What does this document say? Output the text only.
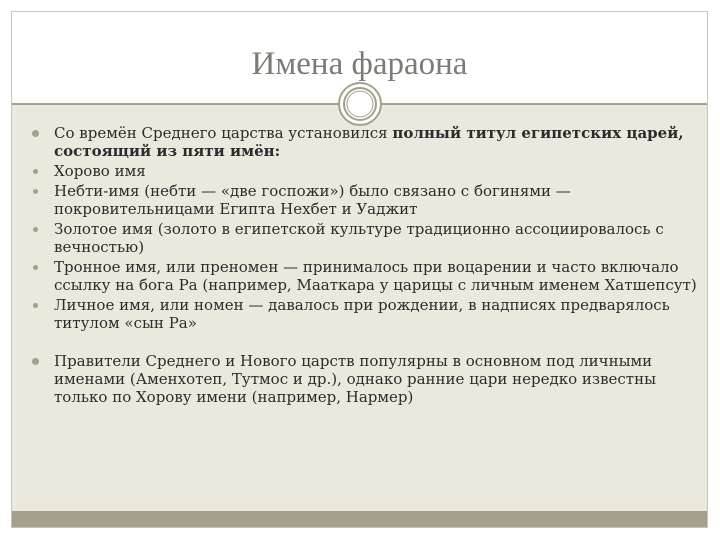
Имена фараона
Со времён Среднего царства установился полный титул египетских царей, состоящий из пяти имён:
Хорово имя
Небти-имя (небти — «две госпожи») было связано с богинями — покровительницами Египта Нехбет и Уаджит
Золотое имя (золото в египетской культуре традиционно ассоциировалось с вечностью)
Тронное имя, или преномен — принималось при воцарении и часто включало ссылку на бога Ра (например, Мааткара у царицы с личным именем Хатшепсут)
Личное имя, или номен — давалось при рождении, в надписях предварялось титулом «сын Ра»
Правители Среднего и Нового царств популярны в основном под личными именами (Аменхотеп, Тутмос и др.), однако ранние цари нередко известны только по Хорову имени (например, Нармер)
